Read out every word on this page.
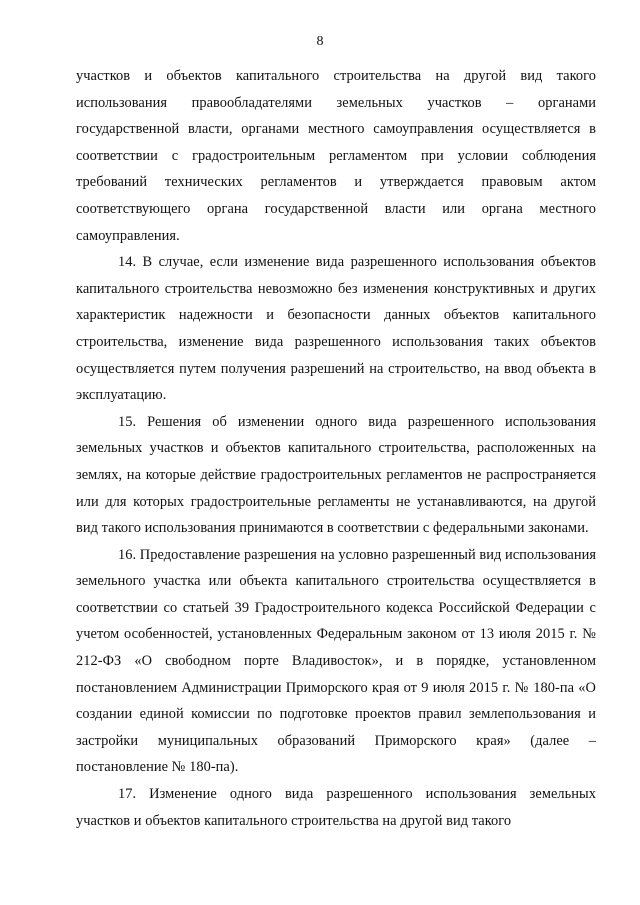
8

участков и объектов капитального строительства на другой вид такого использования правообладателями земельных участков – органами государственной власти, органами местного самоуправления осуществляется в соответствии с градостроительным регламентом при условии соблюдения требований технических регламентов и утверждается правовым актом соответствующего органа государственной власти или органа местного самоуправления.

14. В случае, если изменение вида разрешенного использования объектов капитального строительства невозможно без изменения конструктивных и других характеристик надежности и безопасности данных объектов капитального строительства, изменение вида разрешенного использования таких объектов осуществляется путем получения разрешений на строительство, на ввод объекта в эксплуатацию.

15. Решения об изменении одного вида разрешенного использования земельных участков и объектов капитального строительства, расположенных на землях, на которые действие градостроительных регламентов не распространяется или для которых градостроительные регламенты не устанавливаются, на другой вид такого использования принимаются в соответствии с федеральными законами.

16. Предоставление разрешения на условно разрешенный вид использования земельного участка или объекта капитального строительства осуществляется в соответствии со статьей 39 Градостроительного кодекса Российской Федерации с учетом особенностей, установленных Федеральным законом от 13 июля 2015 г. № 212-ФЗ «О свободном порте Владивосток», и в порядке, установленном постановлением Администрации Приморского края от 9 июля 2015 г. № 180-па «О создании единой комиссии по подготовке проектов правил землепользования и застройки муниципальных образований Приморского края» (далее – постановление № 180-па).

17. Изменение одного вида разрешенного использования земельных участков и объектов капитального строительства на другой вид такого
